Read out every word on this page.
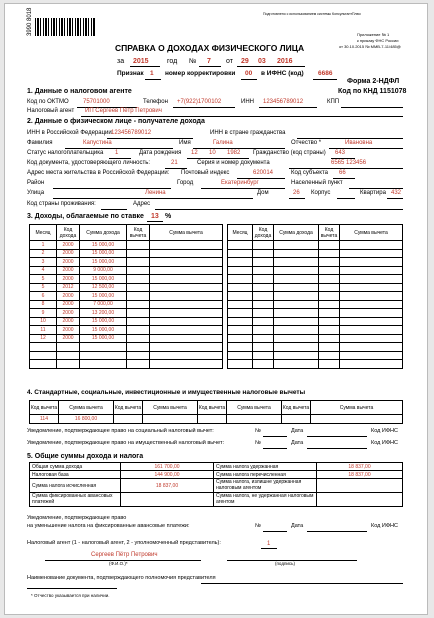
Подготовлено с использованием системы КонсультантПлюс
3990 8018	Приложение № 1
к приказу ФНС России
от 30.10.2015 № ММВ-7-11/485@
СПРАВКА О ДОХОДАХ ФИЗИЧЕСКОГО ЛИЦА
за 2015	год № 7 от 29 03 2016
Признак 1 номер корректировки 00 в ИФНС (код) 6686
Форма 2-НДФЛ
Код по КНД 1151078
1. Данные о налоговом агенте
Код по ОКТМО 75701000	Телефон +7(922)1700102	ИНН 123456789012	КПП
Налоговый агент ИП Сергеев Пётр Петрович
2. Данные о физическом лице - получателе дохода
ИНН в Российской Федерации 123456789012	ИНН в стране гражданства
Фамилия	Капустина	Имя	Галина	Отчество *	Ивановна
Статус налогоплательщика 1	Дата рождения 12 10 1982 Гражданство (код страны) 643
Код документа, удостоверяющего личность:	21	Серия и номер документа	6565 123456
Адрес места жительства в Российской Федерации: Почтовый индекс	620014	Код субъекта 66
Район	Город	Екатеринбург	Населенный пункт
Улица	Ленина	Дом	26 Корпус	Квартира 432
Код страны проживания:	Адрес
3. Доходы, облагаемые по ставке 13 %
Месяц	Код дохода	Сумма дохода	Код вычета	Сумма вычета
1	2000	15 000,00		
2	2000	15 000,00		
3	2000	15 000,00		
4	2000	9 000,00		
5	2000	15 000,00		
5	2012	12 500,00		
6	2000	15 000,00		
8	2000	7 000,00		
9	2000	13 200,00		
10	2000	15 000,00		
11	2000	15 000,00		
12	2000	15 000,00		

Месяц	Код дохода	Сумма дохода	Код вычета	Сумма вычета

4. Стандартные, социальные, инвестиционные и имущественные налоговые вычеты
Код вычета	Сумма вычета	Код вычета	Сумма вычета	Код вычета	Сумма вычета	Код вычета	Сумма вычета
114	16 800,00						
Уведомление, подтверждающее право на социальный налоговый вычет:	№	Дата	Код ИФНС
Уведомление, подтверждающее право на имущественный налоговый вычет:	№	Дата	Код ИФНС
5. Общие суммы дохода и налога
Общая сумма дохода	161 700,00	Сумма налога удержанная	18 837,00
Налоговая база	144 900,00	Сумма налога перечисленная	18 837,00
Сумма налога исчисленная	18 837,00	Сумма налога, излишне удержанная налоговым агентом	
Сумма фиксированных авансовых платежей		Сумма налога, не удержанная налоговым агентом	
Уведомление, подтверждающее право
на уменьшение налога на фиксированные авансовые платежи:	№	Дата	Код ИФНС
Налоговый агент (1 - налоговый агент, 2 - уполномоченный представитель):	1
Сергеев Пётр Петрович
(Ф.И.О.)*	(подпись)
Наименование документа, подтверждающего полномочия представителя
* Отчество указывается при наличии.
